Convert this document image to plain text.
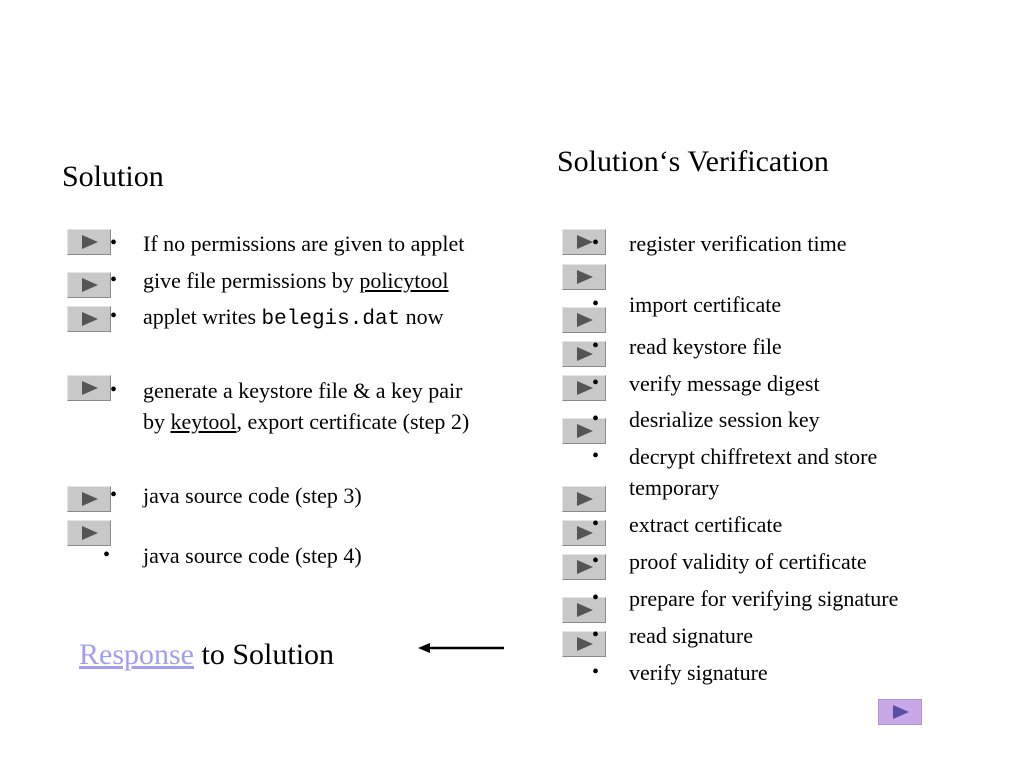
Solution	Solution‘s Verification
• If no permissions are given to applet
• give file permissions by policytool
• applet writes belegis.dat now
• generate a keystore file & a key pair
by keytool, export certificate (step 2)
• java source code (step 3)
• java source code (step 4)
• register verification time
• import certificate
• read keystore file
• verify message digest
• desrialize session key
• decrypt chiffretext and store
temporary
• extract certificate
• proof validity of certificate
• prepare for verifying signature
• read signature
• verify signature
Response to Solution
